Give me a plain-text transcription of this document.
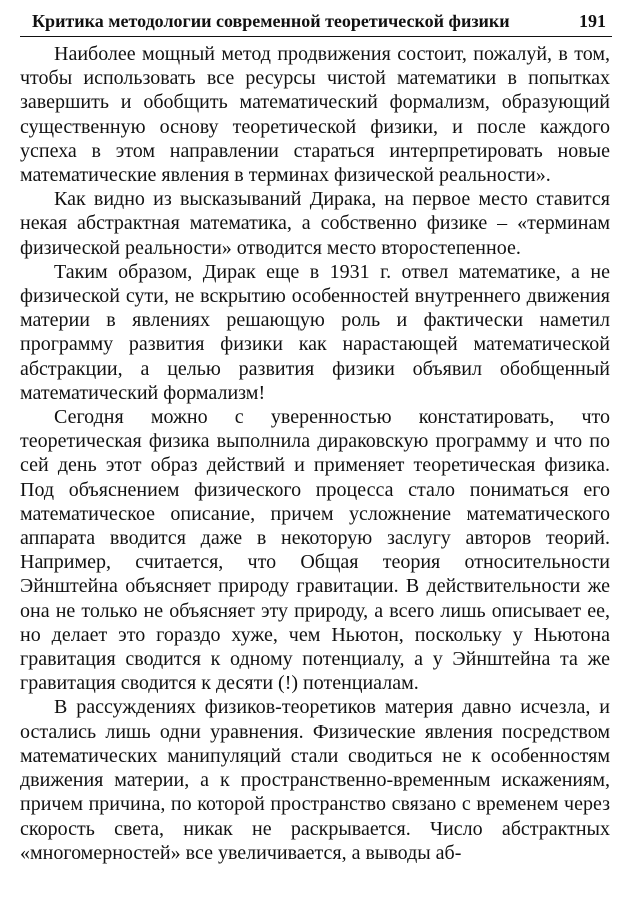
Критика методологии современной теоретической физики	191

Наиболее мощный метод продвижения состоит, пожалуй, в том, чтобы использовать все ресурсы чистой математики в попытках завершить и обобщить математический формализм, образующий существенную основу теоретической физики, и после каждого успеха в этом направлении стараться интерпретировать новые математические явления в терминах физической реальности».

Как видно из высказываний Дирака, на первое место ставится некая абстрактная математика, а собственно физике – «терминам физической реальности» отводится место второстепенное.

Таким образом, Дирак еще в 1931 г. отвел математике, а не физической сути, не вскрытию особенностей внутреннего движения материи в явлениях решающую роль и фактически наметил программу развития физики как нарастающей математической абстракции, а целью развития физики объявил обобщенный математический формализм!

Сегодня можно с уверенностью констатировать, что теоретическая физика выполнила дираковскую программу и что по сей день этот образ действий и применяет теоретическая физика. Под объяснением физического процесса стало пониматься его математическое описание, причем усложнение математического аппарата вводится даже в некоторую заслугу авторов теорий. Например, считается, что Общая теория относительности Эйнштейна объясняет природу гравитации. В действительности же она не только не объясняет эту природу, а всего лишь описывает ее, но делает это гораздо хуже, чем Ньютон, поскольку у Ньютона гравитация сводится к одному потенциалу, а у Эйнштейна та же гравитация сводится к десяти (!) потенциалам.

В рассуждениях физиков-теоретиков материя давно исчезла, и остались лишь одни уравнения. Физические явления посредством математических манипуляций стали сводиться не к особенностям движения материи, а к пространственно-временным искажениям, причем причина, по которой пространство связано с временем через скорость света, никак не раскрывается. Число абстрактных «многомерностей» все увеличивается, а выводы аб-
